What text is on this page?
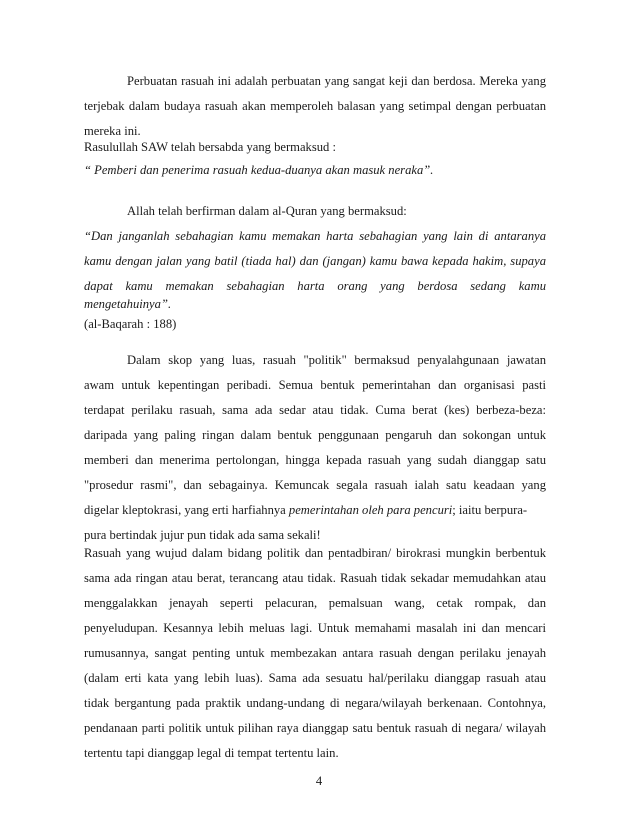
Perbuatan rasuah ini adalah perbuatan yang sangat keji dan berdosa. Mereka yang
terjebak dalam budaya rasuah akan memperoleh balasan yang setimpal dengan perbuatan
mereka ini.
Rasulullah SAW telah bersabda yang bermaksud :
“ Pemberi dan penerima rasuah kedua-duanya akan masuk neraka”.
Allah telah berfirman dalam al-Quran yang bermaksud:
“Dan janganlah sebahagian kamu memakan harta sebahagian yang lain di antaranya
kamu dengan jalan yang batil (tiada hal) dan (jangan) kamu bawa kepada hakim, supaya
dapat kamu memakan sebahagian harta orang yang berdosa sedang kamu
mengetahuinya”.
(al-Baqarah : 188)
Dalam skop yang luas, rasuah "politik" bermaksud penyalahgunaan jawatan
awam untuk kepentingan peribadi. Semua bentuk pemerintahan dan organisasi pasti
terdapat perilaku rasuah, sama ada sedar atau tidak. Cuma berat (kes) berbeza-beza:
daripada yang paling ringan dalam bentuk penggunaan pengaruh dan sokongan untuk
memberi dan menerima pertolongan, hingga kepada rasuah yang sudah dianggap satu
"prosedur rasmi", dan sebagainya. Kemuncak segala rasuah ialah satu keadaan yang
digelar kleptokrasi, yang erti harfiahnya pemerintahan oleh para pencuri; iaitu berpura-
pura bertindak jujur pun tidak ada sama sekali!
Rasuah yang wujud dalam bidang politik dan pentadbiran/ birokrasi mungkin berbentuk
sama ada ringan atau berat, terancang atau tidak. Rasuah tidak sekadar memudahkan atau
menggalakkan jenayah seperti pelacuran, pemalsuan wang, cetak rompak, dan
penyeludupan. Kesannya lebih meluas lagi. Untuk memahami masalah ini dan mencari
rumusannya, sangat penting untuk membezakan antara rasuah dengan perilaku jenayah
(dalam erti kata yang lebih luas). Sama ada sesuatu hal/perilaku dianggap rasuah atau
tidak bergantung pada praktik undang-undang di negara/wilayah berkenaan. Contohnya,
pendanaan parti politik untuk pilihan raya dianggap satu bentuk rasuah di negara/ wilayah
tertentu tapi dianggap legal di tempat tertentu lain.
4
